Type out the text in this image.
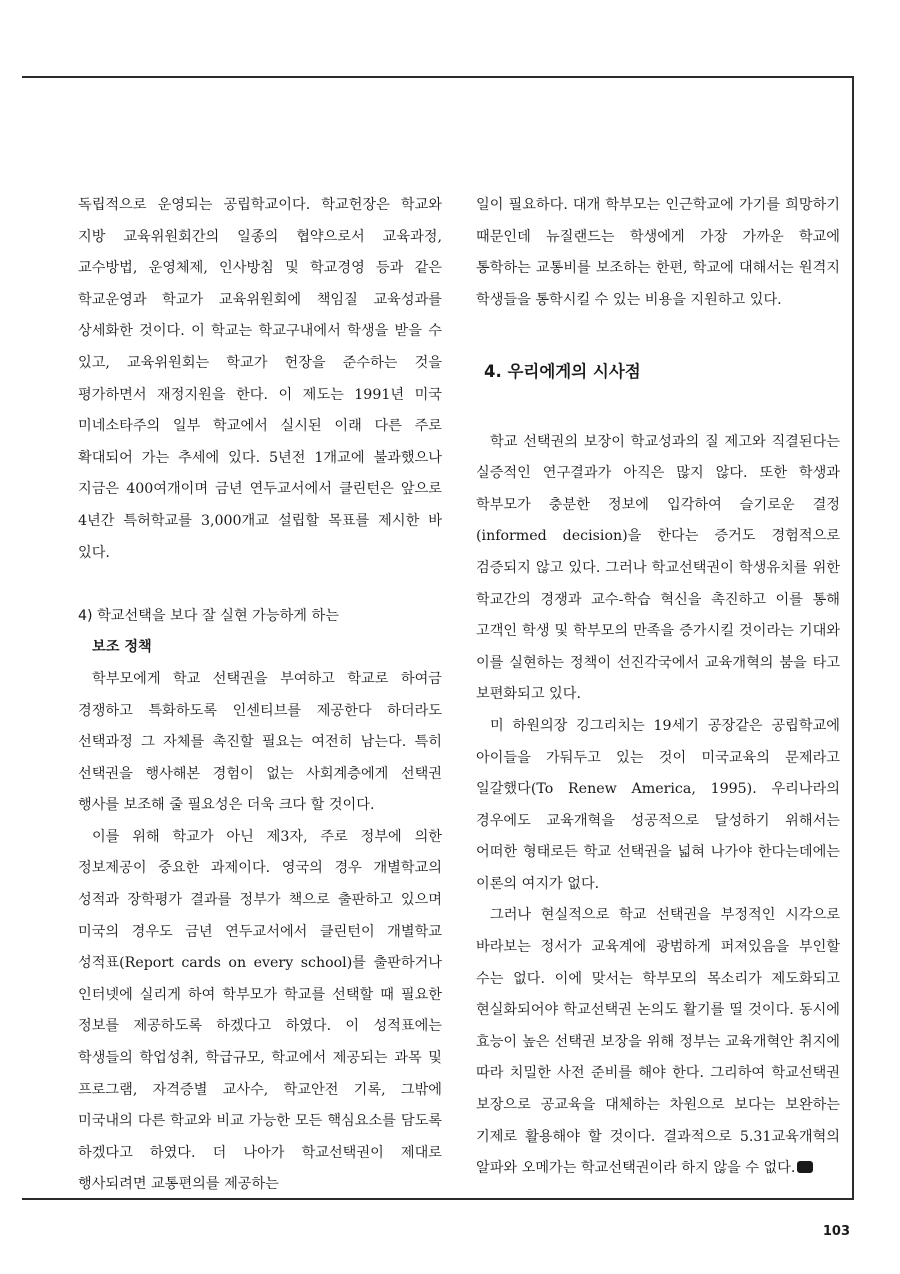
독립적으로 운영되는 공립학교이다. 학교헌장은 학교와 지방 교육위원회간의 일종의 협약으로서 교육과정, 교수방법, 운영체제, 인사방침 및 학교경영 등과 같은 학교운영과 학교가 교육위원회에 책임질 교육성과를 상세화한 것이다. 이 학교는 학교구내에서 학생을 받을 수 있고, 교육위원회는 학교가 헌장을 준수하는 것을 평가하면서 재정지원을 한다. 이 제도는 1991년 미국 미네소타주의 일부 학교에서 실시된 이래 다른 주로 확대되어 가는 추세에 있다. 5년전 1개교에 불과했으나 지금은 400여개이며 금년 연두교서에서 클린턴은 앞으로 4년간 특허학교를 3,000개교 설립할 목표를 제시한 바 있다.

4) 학교선택을 보다 잘 실현 가능하게 하는
보조 정책

학부모에게 학교 선택권을 부여하고 학교로 하여금 경쟁하고 특화하도록 인센티브를 제공한다 하더라도 선택과정 그 자체를 촉진할 필요는 여전히 남는다. 특히 선택권을 행사해본 경험이 없는 사회계층에게 선택권 행사를 보조해 줄 필요성은 더욱 크다 할 것이다.

이를 위해 학교가 아닌 제3자, 주로 정부에 의한 정보제공이 중요한 과제이다. 영국의 경우 개별학교의 성적과 장학평가 결과를 정부가 책으로 출판하고 있으며 미국의 경우도 금년 연두교서에서 클린턴이 개별학교 성적표(Report cards on every school)를 출판하거나 인터넷에 실리게 하여 학부모가 학교를 선택할 때 필요한 정보를 제공하도록 하겠다고 하였다. 이 성적표에는 학생들의 학업성취, 학급규모, 학교에서 제공되는 과목 및 프로그램, 자격증별 교사수, 학교안전 기록, 그밖에 미국내의 다른 학교와 비교 가능한 모든 핵심요소를 담도록 하겠다고 하였다. 더 나아가 학교선택권이 제대로 행사되려면 교통편의를 제공하는

일이 필요하다. 대개 학부모는 인근학교에 가기를 희망하기 때문인데 뉴질랜드는 학생에게 가장 가까운 학교에 통학하는 교통비를 보조하는 한편, 학교에 대해서는 원격지 학생들을 통학시킬 수 있는 비용을 지원하고 있다.

4. 우리에게의 시사점

학교 선택권의 보장이 학교성과의 질 제고와 직결된다는 실증적인 연구결과가 아직은 많지 않다. 또한 학생과 학부모가 충분한 정보에 입각하여 슬기로운 결정(informed decision)을 한다는 증거도 경험적으로 검증되지 않고 있다. 그러나 학교선택권이 학생유치를 위한 학교간의 경쟁과 교수-학습 혁신을 촉진하고 이를 통해 고객인 학생 및 학부모의 만족을 증가시킬 것이라는 기대와 이를 실현하는 정책이 선진각국에서 교육개혁의 붐을 타고 보편화되고 있다.

미 하원의장 깅그리치는 19세기 공장같은 공립학교에 아이들을 가둬두고 있는 것이 미국교육의 문제라고 일갈했다(To Renew America, 1995). 우리나라의 경우에도 교육개혁을 성공적으로 달성하기 위해서는 어떠한 형태로든 학교 선택권을 넓혀 나가야 한다는데에는 이론의 여지가 없다.

그러나 현실적으로 학교 선택권을 부정적인 시각으로 바라보는 정서가 교육계에 광범하게 퍼져있음을 부인할 수는 없다. 이에 맞서는 학부모의 목소리가 제도화되고 현실화되어야 학교선택권 논의도 활기를 띨 것이다. 동시에 효능이 높은 선택권 보장을 위해 정부는 교육개혁안 취지에 따라 치밀한 사전 준비를 해야 한다. 그리하여 학교선택권 보장으로 공교육을 대체하는 차원으로 보다는 보완하는 기제로 활용해야 할 것이다. 결과적으로 5.31교육개혁의 알파와 오메가는 학교선택권이라 하지 않을 수 없다.

103
